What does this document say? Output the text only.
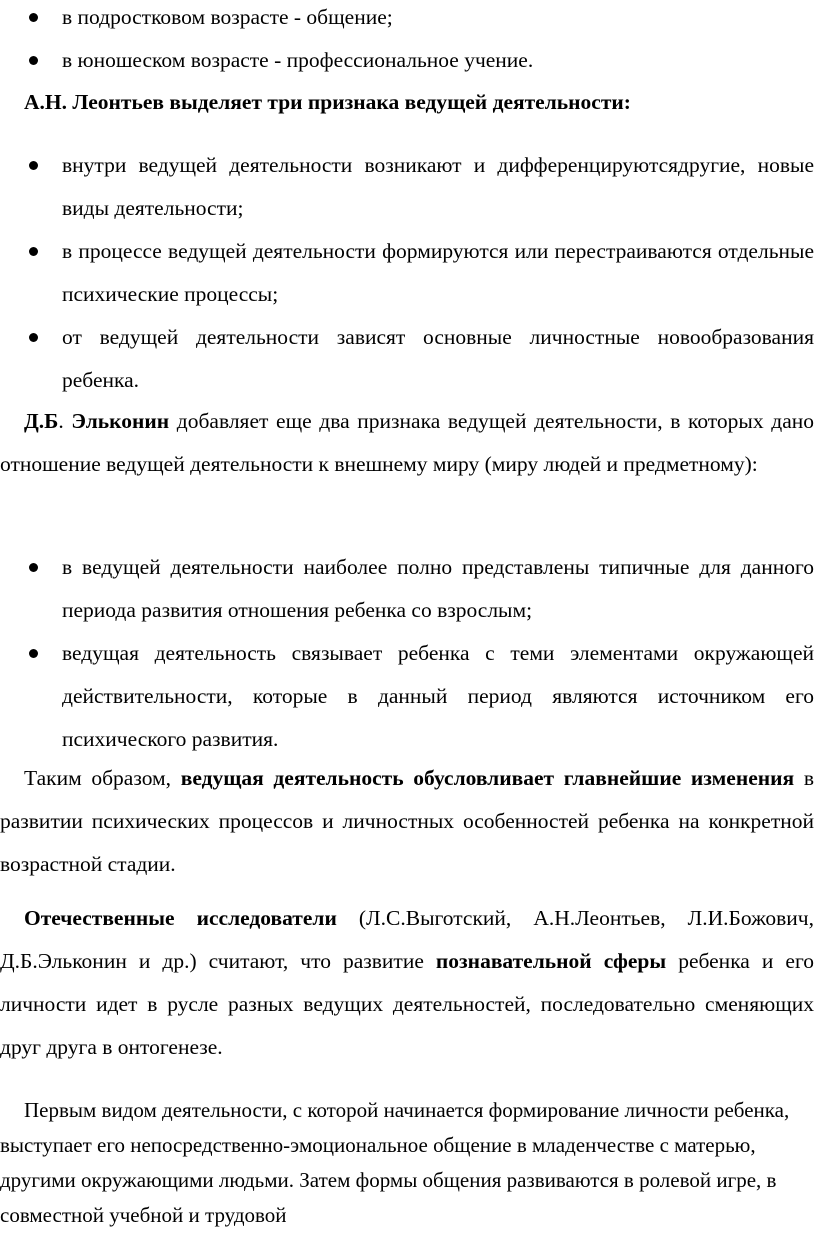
в подростковом возрасте - общение;
в юношеском возрасте - профессиональное учение.

А.Н. Леонтьев выделяет три признака ведущей деятельности:

внутри ведущей деятельности возникают и дифференцируютсядругие, новые виды деятельности;
в процессе ведущей деятельности формируются или перестраиваются отдельные психические процессы;
от ведущей деятельности зависят основные личностные новообразования ребенка.

Д.Б. Эльконин добавляет еще два признака ведущей деятельности, в которых дано отношение ведущей деятельности к внешнему миру (миру людей и предметному):

в ведущей деятельности наиболее полно представлены типичные для данного периода развития отношения ребенка со взрослым;
ведущая деятельность связывает ребенка с теми элементами окружающей действительности, которые в данный период являются источником его психического развития.

Таким образом, ведущая деятельность обусловливает главнейшие изменения в развитии психических процессов и личностных особенностей ребенка на конкретной возрастной стадии.

Отечественные исследователи (Л.С.Выготский, А.Н.Леонтьев, Л.И.Божович, Д.Б.Эльконин и др.) считают, что развитие познавательной сферы ребенка и его личности идет в русле разных ведущих деятельностей, последовательно сменяющих друг друга в онтогенезе.

Первым видом деятельности, с которой начинается формирование личности ребенка, выступает его непосредственно-эмоциональное общение в младенчестве с матерью, другими окружающими людьми. Затем формы общения развиваются в ролевой игре, в совместной учебной и трудовой
